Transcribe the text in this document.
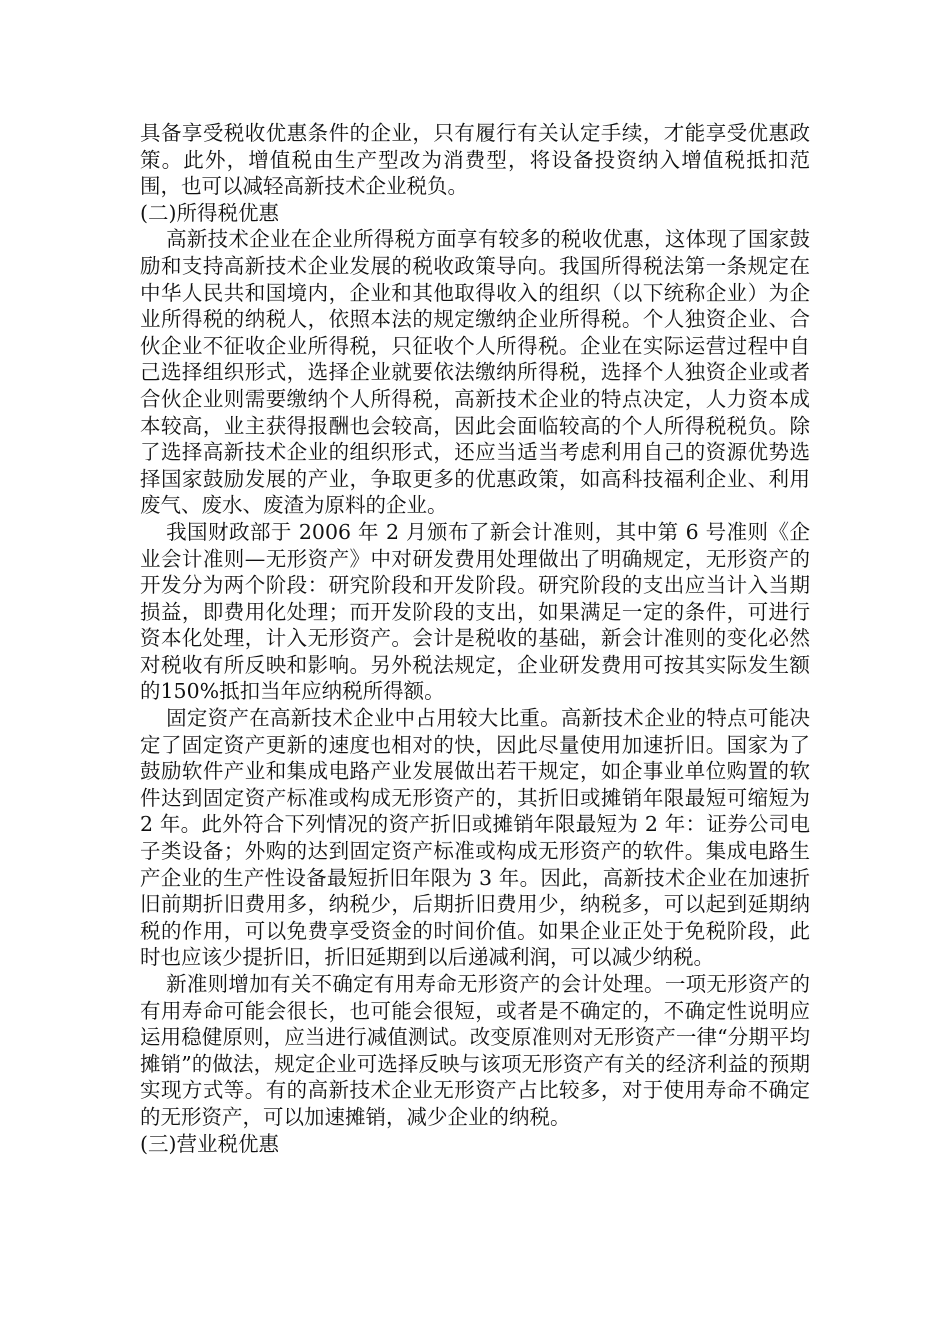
具备享受税收优惠条件的企业，只有履行有关认定手续，才能享受优惠政策。此外，增值税由生产型改为消费型，将设备投资纳入增值税抵扣范围，也可以减轻高新技术企业税负。

(二)所得税优惠

高新技术企业在企业所得税方面享有较多的税收优惠，这体现了国家鼓励和支持高新技术企业发展的税收政策导向。我国所得税法第一条规定在中华人民共和国境内，企业和其他取得收入的组织（以下统称企业）为企业所得税的纳税人，依照本法的规定缴纳企业所得税。个人独资企业、合伙企业不征收企业所得税，只征收个人所得税。企业在实际运营过程中自己选择组织形式，选择企业就要依法缴纳所得税，选择个人独资企业或者合伙企业则需要缴纳个人所得税，高新技术企业的特点决定，人力资本成本较高，业主获得报酬也会较高，因此会面临较高的个人所得税税负。除了选择高新技术企业的组织形式，还应当适当考虑利用自己的资源优势选择国家鼓励发展的产业，争取更多的优惠政策，如高科技福利企业、利用废气、废水、废渣为原料的企业。

我国财政部于 2006 年 2 月颁布了新会计准则，其中第 6 号准则《企业会计准则—无形资产》中对研发费用处理做出了明确规定，无形资产的开发分为两个阶段：研究阶段和开发阶段。研究阶段的支出应当计入当期损益，即费用化处理；而开发阶段的支出，如果满足一定的条件，可进行资本化处理，计入无形资产。会计是税收的基础，新会计准则的变化必然对税收有所反映和影响。另外税法规定，企业研发费用可按其实际发生额的150%抵扣当年应纳税所得额。

固定资产在高新技术企业中占用较大比重。高新技术企业的特点可能决定了固定资产更新的速度也相对的快，因此尽量使用加速折旧。国家为了鼓励软件产业和集成电路产业发展做出若干规定，如企事业单位购置的软件达到固定资产标准或构成无形资产的，其折旧或摊销年限最短可缩短为 2 年。此外符合下列情况的资产折旧或摊销年限最短为 2 年：证券公司电子类设备；外购的达到固定资产标准或构成无形资产的软件。集成电路生产企业的生产性设备最短折旧年限为 3 年。因此，高新技术企业在加速折旧前期折旧费用多，纳税少，后期折旧费用少，纳税多，可以起到延期纳税的作用，可以免费享受资金的时间价值。如果企业正处于免税阶段，此时也应该少提折旧，折旧延期到以后递减利润，可以减少纳税。

新准则增加有关不确定有用寿命无形资产的会计处理。一项无形资产的有用寿命可能会很长，也可能会很短，或者是不确定的，不确定性说明应运用稳健原则，应当进行减值测试。改变原准则对无形资产一律“分期平均摊销”的做法，规定企业可选择反映与该项无形资产有关的经济利益的预期实现方式等。有的高新技术企业无形资产占比较多，对于使用寿命不确定的无形资产，可以加速摊销，减少企业的纳税。

(三)营业税优惠
